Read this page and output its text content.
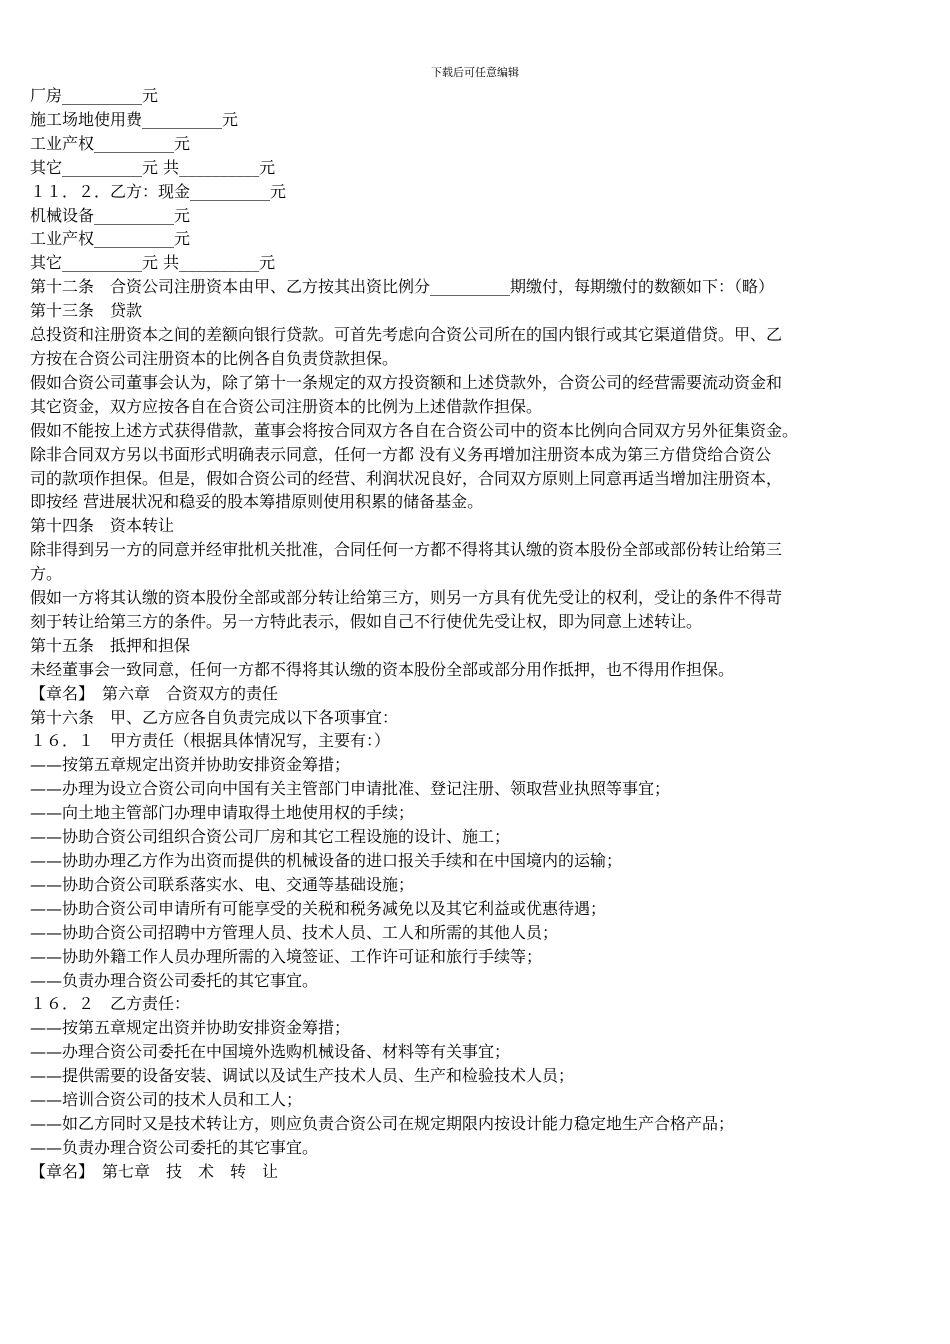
下载后可任意编辑
厂房__________元
施工场地使用费__________元
工业产权__________元
其它__________元 共__________元
１１．２．乙方：现金__________元
机械设备__________元
工业产权__________元
其它__________元 共__________元
第十二条　合资公司注册资本由甲、乙方按其出资比例分__________期缴付，每期缴付的数额如下：（略）
第十三条　贷款
总投资和注册资本之间的差额向银行贷款。可首先考虑向合资公司所在的国内银行或其它渠道借贷。甲、乙
方按在合资公司注册资本的比例各自负责贷款担保。
假如合资公司董事会认为，除了第十一条规定的双方投资额和上述贷款外，合资公司的经营需要流动资金和
其它资金，双方应按各自在合资公司注册资本的比例为上述借款作担保。
假如不能按上述方式获得借款，董事会将按合同双方各自在合资公司中的资本比例向合同双方另外征集资金。
除非合同双方另以书面形式明确表示同意，任何一方都 没有义务再增加注册资本成为第三方借贷给合资公
司的款项作担保。但是，假如合资公司的经营、利润状况良好，合同双方原则上同意再适当增加注册资本，
即按经 营进展状况和稳妥的股本筹措原则使用积累的储备基金。
第十四条　资本转让
除非得到另一方的同意并经审批机关批准，合同任何一方都不得将其认缴的资本股份全部或部份转让给第三
方。
假如一方将其认缴的资本股份全部或部分转让给第三方，则另一方具有优先受让的权利，受让的条件不得苛
刻于转让给第三方的条件。另一方特此表示，假如自己不行使优先受让权，即为同意上述转让。
第十五条　抵押和担保
未经董事会一致同意，任何一方都不得将其认缴的资本股份全部或部分用作抵押，也不得用作担保。
【章名】　第六章　合资双方的责任
第十六条　甲、乙方应各自负责完成以下各项事宜：
１６．１　甲方责任（根据具体情况写，主要有：）
——按第五章规定出资并协助安排资金筹措；
——办理为设立合资公司向中国有关主管部门申请批准、登记注册、领取营业执照等事宜；
——向土地主管部门办理申请取得土地使用权的手续；
——协助合资公司组织合资公司厂房和其它工程设施的设计、施工；
——协助办理乙方作为出资而提供的机械设备的进口报关手续和在中国境内的运输；
——协助合资公司联系落实水、电、交通等基础设施；
——协助合资公司申请所有可能享受的关税和税务减免以及其它利益或优惠待遇；
——协助合资公司招聘中方管理人员、技术人员、工人和所需的其他人员；
——协助外籍工作人员办理所需的入境签证、工作许可证和旅行手续等；
——负责办理合资公司委托的其它事宜。
１６．２　乙方责任：
——按第五章规定出资并协助安排资金筹措；
——办理合资公司委托在中国境外选购机械设备、材料等有关事宜；
——提供需要的设备安装、调试以及试生产技术人员、生产和检验技术人员；
——培训合资公司的技术人员和工人；
——如乙方同时又是技术转让方，则应负责合资公司在规定期限内按设计能力稳定地生产合格产品；
——负责办理合资公司委托的其它事宜。
【章名】　第七章　技　术　转　让
